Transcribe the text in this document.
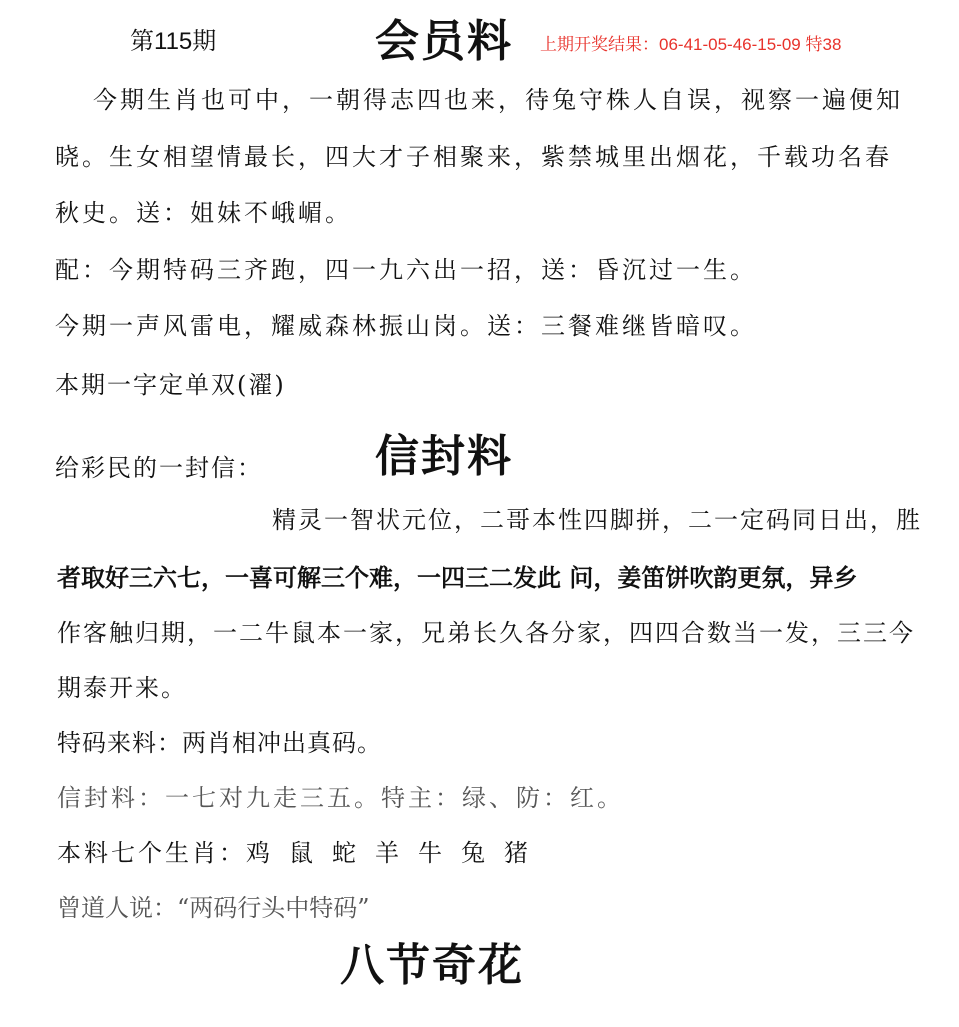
第115期	会员料 上期开奖结果：06-41-05-46-15-09 特38
今期生肖也可中，一朝得志四也来，待兔守株人自误，视察一遍便知
晓。生女相望情最长，四大才子相聚来，紫禁城里出烟花，千载功名春
秋史。送：姐妹不峨嵋。
配：今期特码三齐跑，四一九六出一招，送：昏沉过一生。
今期一声风雷电，耀威森林振山岗。送：三餐难继皆暗叹。
本期一字定单双(濯)
给彩民的一封信：	信封料
精灵一智状元位，二哥本性四脚拼，二一定码同日出，胜
者取好三六七，一喜可解三个难，一四三二发此 问，姜笛饼吹韵更氛，异乡
作客触归期，一二牛鼠本一家，兄弟长久各分家，四四合数当一发，三三今
期泰开来。
特码来料：两肖相冲出真码。
信封料：一七对九走三五。特主：绿、防：红。
本料七个生肖：鸡 鼠 蛇 羊 牛 兔 猪
曾道人说：“两码行头中特码”
八节奇花
